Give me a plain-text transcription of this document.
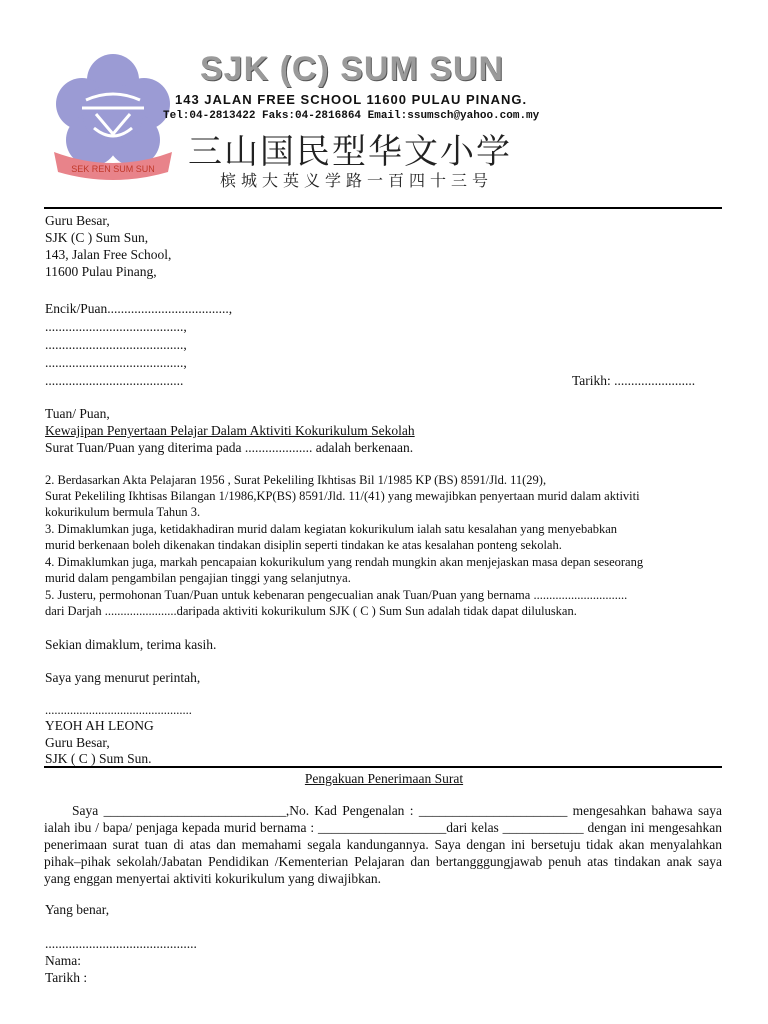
SEK REN SUM SUN
SJK (C) SUM SUN
143 JALAN FREE SCHOOL 11600 PULAU PINANG.
Tel:04-2813422 Faks:04-2816864 Email:ssumsch@yahoo.com.my
三山国民型华文小学
槟城大英义学路一百四十三号
Guru Besar,
SJK (C ) Sum Sun,
143, Jalan Free School,
11600 Pulau Pinang,
Encik/Puan....................................,
.........................................,
.........................................,
.........................................,
.........................................	Tarikh: ........................
Tuan/ Puan,
Kewajipan Penyertaan Pelajar Dalam Aktiviti Kokurikulum Sekolah
Surat Tuan/Puan yang diterima pada .................... adalah berkenaan.
2. Berdasarkan Akta Pelajaran 1956 , Surat Pekeliling Ikhtisas Bil 1/1985 KP (BS) 8591/Jld. 11(29),
Surat Pekeliling Ikhtisas Bilangan 1/1986,KP(BS) 8591/Jld. 11/(41) yang mewajibkan penyertaan murid dalam aktiviti
kokurikulum bermula Tahun 3.
3. Dimaklumkan juga, ketidakhadiran murid dalam kegiatan kokurikulum ialah satu kesalahan yang menyebabkan
murid berkenaan boleh dikenakan tindakan disiplin seperti tindakan ke atas kesalahan ponteng sekolah.
4. Dimaklumkan juga, markah pencapaian kokurikulum yang rendah mungkin akan menjejaskan masa depan seseorang
murid dalam pengambilan pengajian tinggi yang selanjutnya.
5. Justeru, permohonan Tuan/Puan untuk kebenaran pengecualian anak Tuan/Puan yang bernama ..............................
dari Darjah .......................daripada aktiviti kokurikulum SJK ( C ) Sum Sun adalah tidak dapat diluluskan.
Sekian dimaklum, terima kasih.
Saya yang menurut perintah,
...............................................
YEOH AH LEONG
Guru Besar,
SJK ( C ) Sum Sun.
Pengakuan Penerimaan Surat
Saya ___________________________,No. Kad Pengenalan : ______________________ mengesahkan bahawa saya ialah ibu / bapa/ penjaga kepada murid bernama : ___________________dari kelas ____________ dengan ini mengesahkan penerimaan surat tuan di atas dan memahami segala kandungannya. Saya dengan ini bersetuju tidak akan menyalahkan pihak–pihak sekolah/Jabatan Pendidikan /Kementerian Pelajaran dan bertangggungjawab penuh atas tindakan anak saya yang enggan menyertai aktiviti kokurikulum yang diwajibkan.
Yang benar,
.............................................
Nama:
Tarikh :
